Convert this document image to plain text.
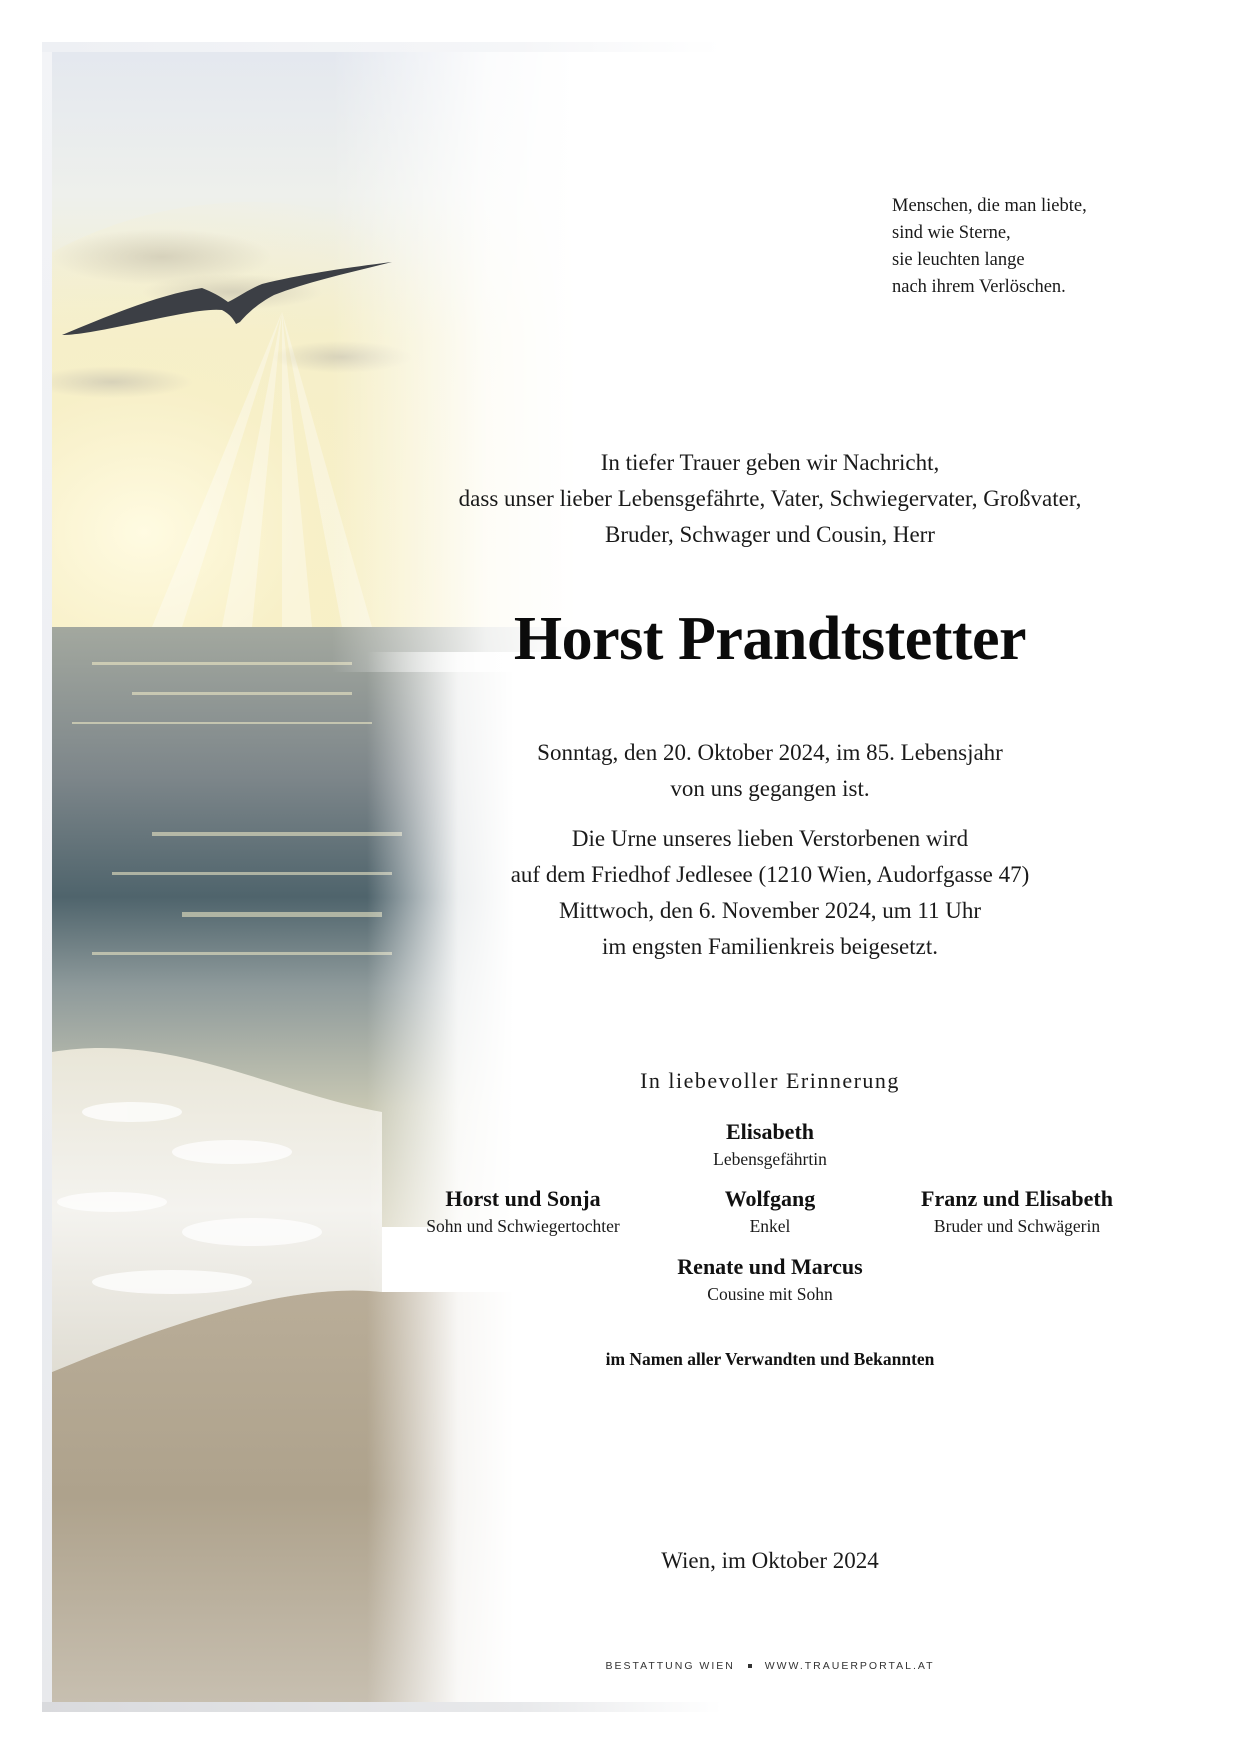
Menschen, die man liebte,
sind wie Sterne,
sie leuchten lange
nach ihrem Verlöschen.
In tiefer Trauer geben wir Nachricht,
dass unser lieber Lebensgefährte, Vater, Schwiegervater, Großvater,
Bruder, Schwager und Cousin, Herr
Horst Prandtstetter
Sonntag, den 20. Oktober 2024, im 85. Lebensjahr
von uns gegangen ist.
Die Urne unseres lieben Verstorbenen wird
auf dem Friedhof Jedlesee (1210 Wien, Audorfgasse 47)
Mittwoch, den 6. November 2024, um 11 Uhr
im engsten Familienkreis beigesetzt.
In liebevoller Erinnerung
Elisabeth
Lebensgefährtin
Horst und Sonja
Sohn und Schwiegertochter
Wolfgang
Enkel
Franz und Elisabeth
Bruder und Schwägerin
Renate und Marcus
Cousine mit Sohn
im Namen aller Verwandten und Bekannten
Wien, im Oktober 2024
BESTATTUNG WIEN	WWW.TRAUERPORTAL.AT
